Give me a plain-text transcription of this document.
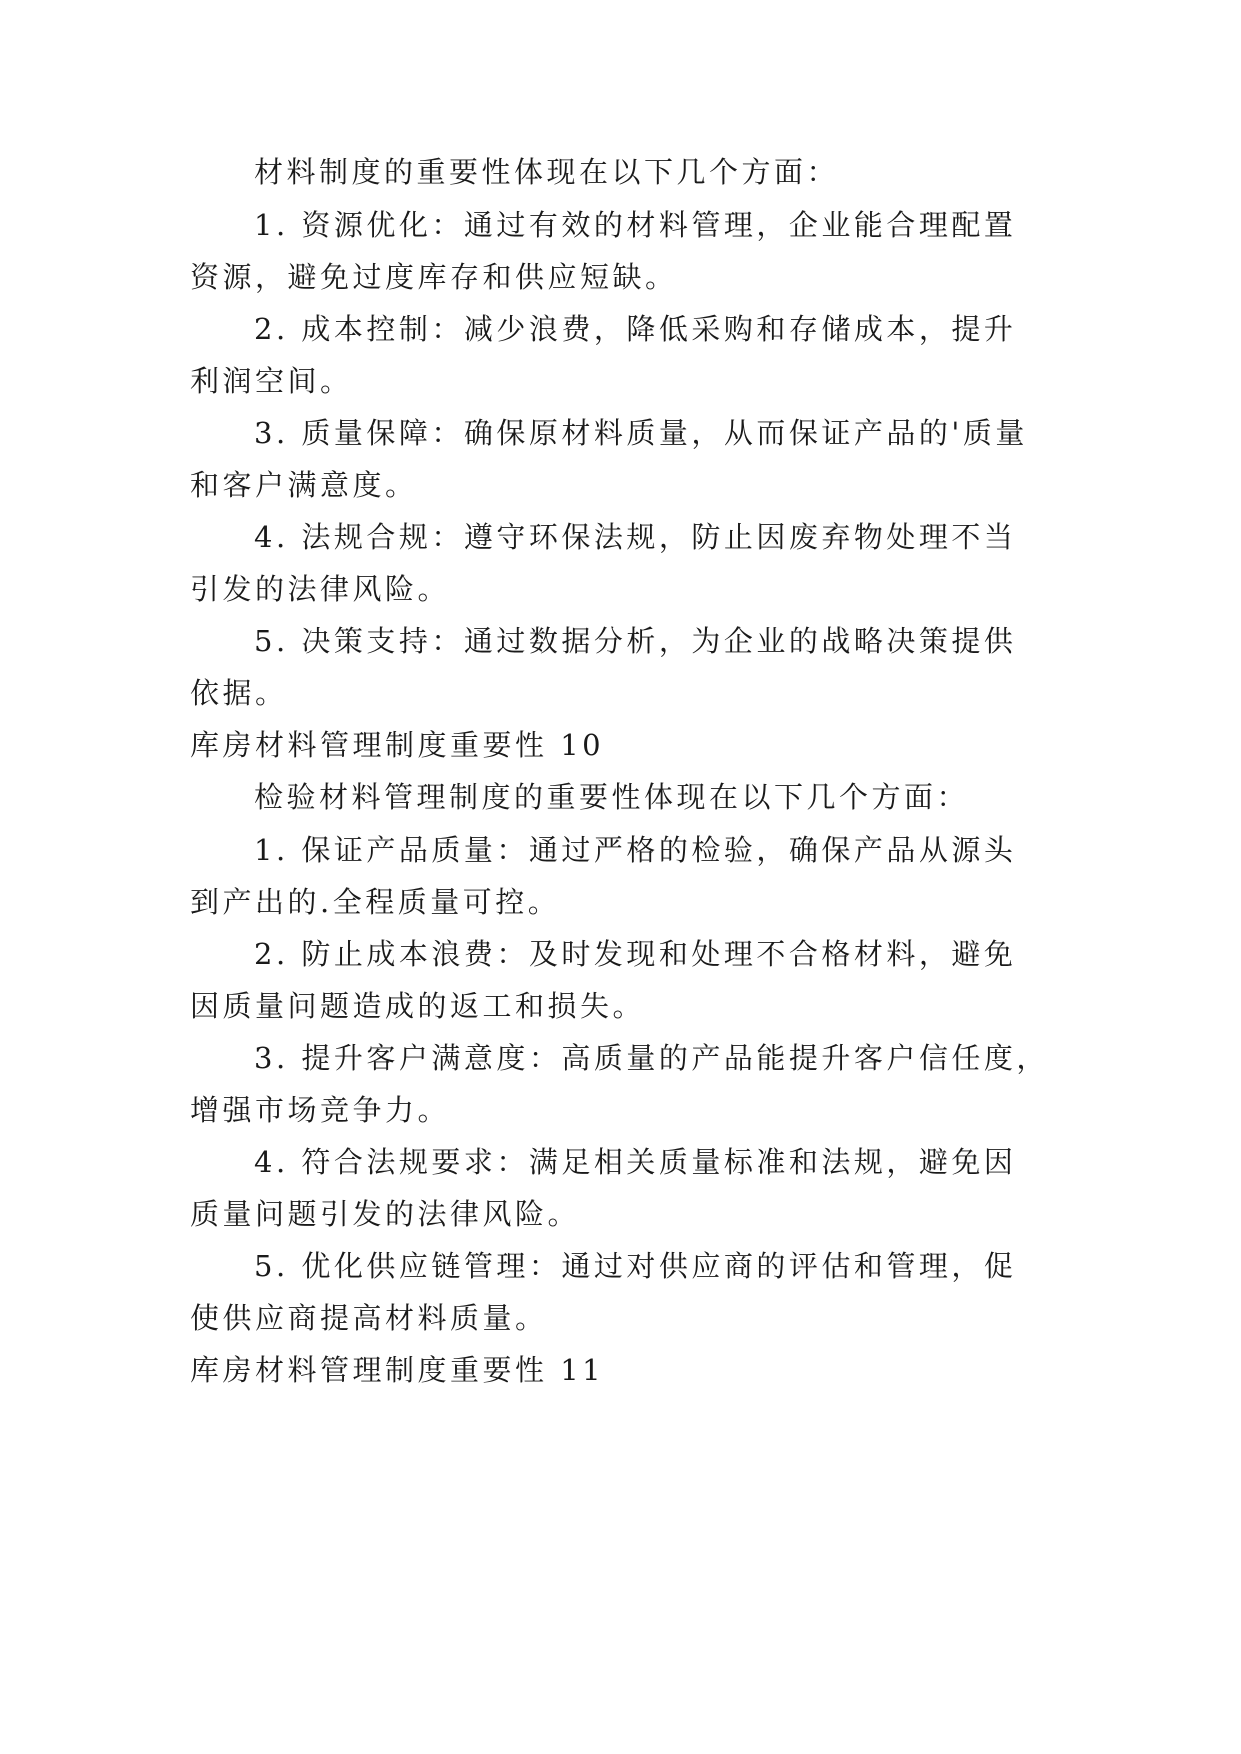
材料制度的重要性体现在以下几个方面：

1. 资源优化：通过有效的材料管理，企业能合理配置

资源，避免过度库存和供应短缺。

2. 成本控制：减少浪费，降低采购和存储成本，提升

利润空间。

3. 质量保障：确保原材料质量，从而保证产品的'质量

和客户满意度。

4. 法规合规：遵守环保法规，防止因废弃物处理不当

引发的法律风险。

5. 决策支持：通过数据分析，为企业的战略决策提供

依据。

库房材料管理制度重要性 10

检验材料管理制度的重要性体现在以下几个方面：

1. 保证产品质量：通过严格的检验，确保产品从源头

到产出的.全程质量可控。

2. 防止成本浪费：及时发现和处理不合格材料，避免

因质量问题造成的返工和损失。

3. 提升客户满意度：高质量的产品能提升客户信任度，

增强市场竞争力。

4. 符合法规要求：满足相关质量标准和法规，避免因

质量问题引发的法律风险。

5. 优化供应链管理：通过对供应商的评估和管理，促

使供应商提高材料质量。

库房材料管理制度重要性 11
